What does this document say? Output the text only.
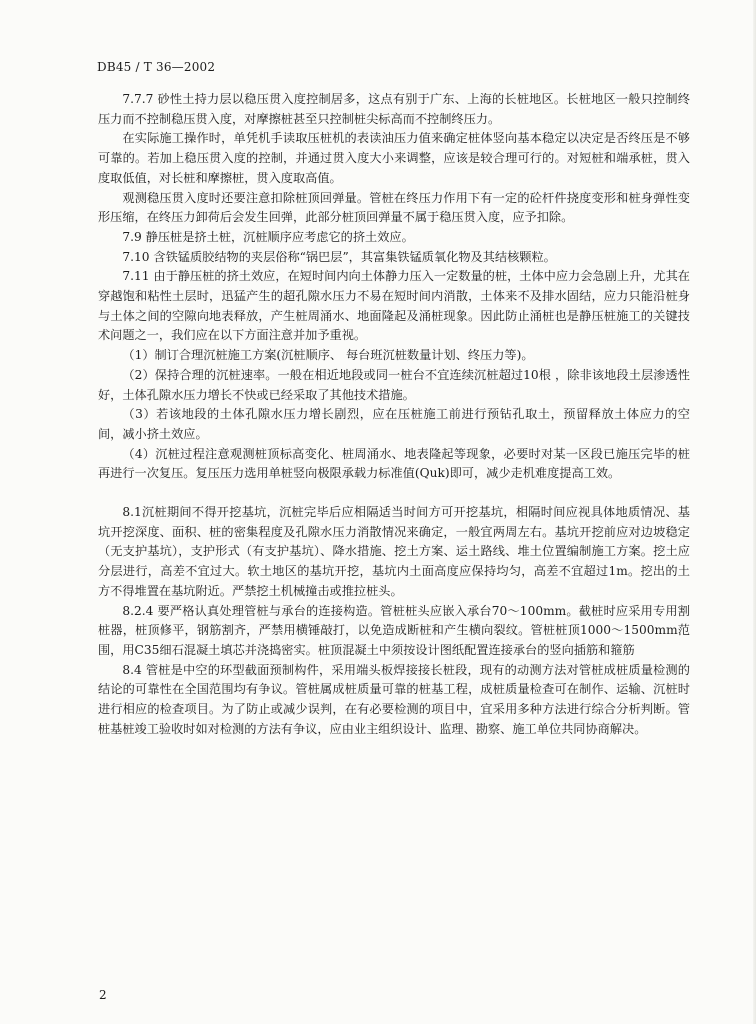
DB45 / T 36—2002

7.7.7 砂性土持力层以稳压贯入度控制居多，这点有别于广东、上海的长桩地区。长桩地区一般只控制终压力而不控制稳压贯入度，对摩擦桩甚至只控制桩尖标高而不控制终压力。

在实际施工操作时，单凭机手读取压桩机的表读油压力值来确定桩体竖向基本稳定以决定是否终压是不够可靠的。若加上稳压贯入度的控制，并通过贯入度大小来调整，应该是较合理可行的。对短桩和端承桩，贯入度取低值，对长桩和摩擦桩，贯入度取高值。

观测稳压贯入度时还要注意扣除桩顶回弹量。管桩在终压力作用下有一定的砼杆件挠度变形和桩身弹性变形压缩，在终压力卸荷后会发生回弹，此部分桩顶回弹量不属于稳压贯入度，应予扣除。

7.9 静压桩是挤土桩，沉桩顺序应考虑它的挤土效应。

7.10 含铁锰质胶结物的夹层俗称“锅巴层”，其富集铁锰质氧化物及其结核颗粒。

7.11 由于静压桩的挤土效应，在短时间内向土体静力压入一定数量的桩，土体中应力会急剧上升，尤其在穿越饱和粘性土层时，迅猛产生的超孔隙水压力不易在短时间内消散，土体来不及排水固结，应力只能沿桩身与土体之间的空隙向地表释放，产生桩周涌水、地面隆起及涌桩现象。因此防止涌桩也是静压桩施工的关键技术问题之一，我们应在以下方面注意并加予重视。

（1）制订合理沉桩施工方案(沉桩顺序、 每台班沉桩数量计划、终压力等)。

（2）保持合理的沉桩速率。一般在相近地段或同一桩台不宜连续沉桩超过10根 ，除非该地段土层渗透性好，土体孔隙水压力增长不快或已经采取了其他技术措施。

（3）若该地段的土体孔隙水压力增长剧烈，应在压桩施工前进行预钻孔取土，预留释放土体应力的空间，减小挤土效应。

（4）沉桩过程注意观测桩顶标高变化、桩周涌水、地表隆起等现象，必要时对某一区段已施压完毕的桩再进行一次复压。复压压力选用单桩竖向极限承载力标准值(Quk)即可，减少走机难度提高工效。

8.1沉桩期间不得开挖基坑，沉桩完毕后应相隔适当时间方可开挖基坑，相隔时间应视具体地质情况、基坑开挖深度、面积、桩的密集程度及孔隙水压力消散情况来确定，一般宜两周左右。基坑开挖前应对边坡稳定（无支护基坑），支护形式（有支护基坑）、降水措施、挖土方案、运土路线、堆土位置编制施工方案。挖土应分层进行，高差不宜过大。软土地区的基坑开挖，基坑内土面高度应保持均匀，高差不宜超过1m。挖出的土方不得堆置在基坑附近。严禁挖土机械撞击或推拉桩头。

8.2.4 要严格认真处理管桩与承台的连接构造。管桩桩头应嵌入承台70～100mm。截桩时应采用专用割桩器，桩顶修平，钢筋割齐，严禁用横锤敲打，以免造成断桩和产生横向裂纹。管桩桩顶1000～1500mm范围，用C35细石混凝土填芯并浇捣密实。桩顶混凝土中须按设计图纸配置连接承台的竖向插筋和箍筋

8.4 管桩是中空的环型截面预制构件，采用端头板焊接接长桩段，现有的动测方法对管桩成桩质量检测的结论的可靠性在全国范围均有争议。管桩属成桩质量可靠的桩基工程，成桩质量检查可在制作、运输、沉桩时进行相应的检查项目。为了防止或减少误判，在有必要检测的项目中，宜采用多种方法进行综合分析判断。管桩基桩竣工验收时如对检测的方法有争议，应由业主组织设计、监理、勘察、施工单位共同协商解决。

2
